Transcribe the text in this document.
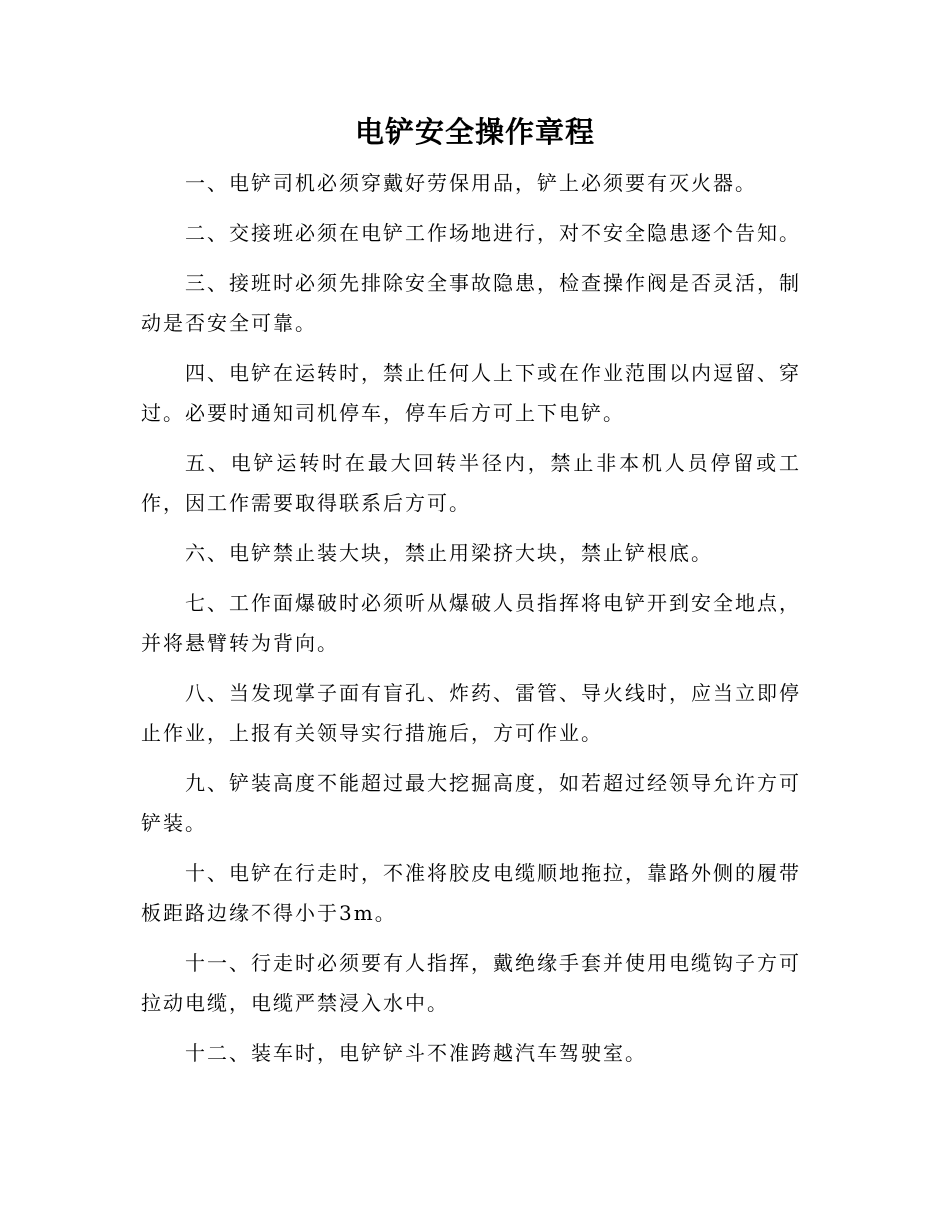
电铲安全操作章程

一、电铲司机必须穿戴好劳保用品，铲上必须要有灭火器。

二、交接班必须在电铲工作场地进行，对不安全隐患逐个告知。

三、接班时必须先排除安全事故隐患，检查操作阀是否灵活，制动是否安全可靠。

四、电铲在运转时，禁止任何人上下或在作业范围以内逗留、穿过。必要时通知司机停车，停车后方可上下电铲。

五、电铲运转时在最大回转半径内，禁止非本机人员停留或工作，因工作需要取得联系后方可。

六、电铲禁止装大块，禁止用梁挤大块，禁止铲根底。

七、工作面爆破时必须听从爆破人员指挥将电铲开到安全地点，并将悬臂转为背向。

八、当发现掌子面有盲孔、炸药、雷管、导火线时，应当立即停止作业，上报有关领导实行措施后，方可作业。

九、铲装高度不能超过最大挖掘高度，如若超过经领导允许方可铲装。

十、电铲在行走时，不准将胶皮电缆顺地拖拉，靠路外侧的履带板距路边缘不得小于3m。

十一、行走时必须要有人指挥，戴绝缘手套并使用电缆钩子方可拉动电缆，电缆严禁浸入水中。

十二、装车时，电铲铲斗不准跨越汽车驾驶室。
